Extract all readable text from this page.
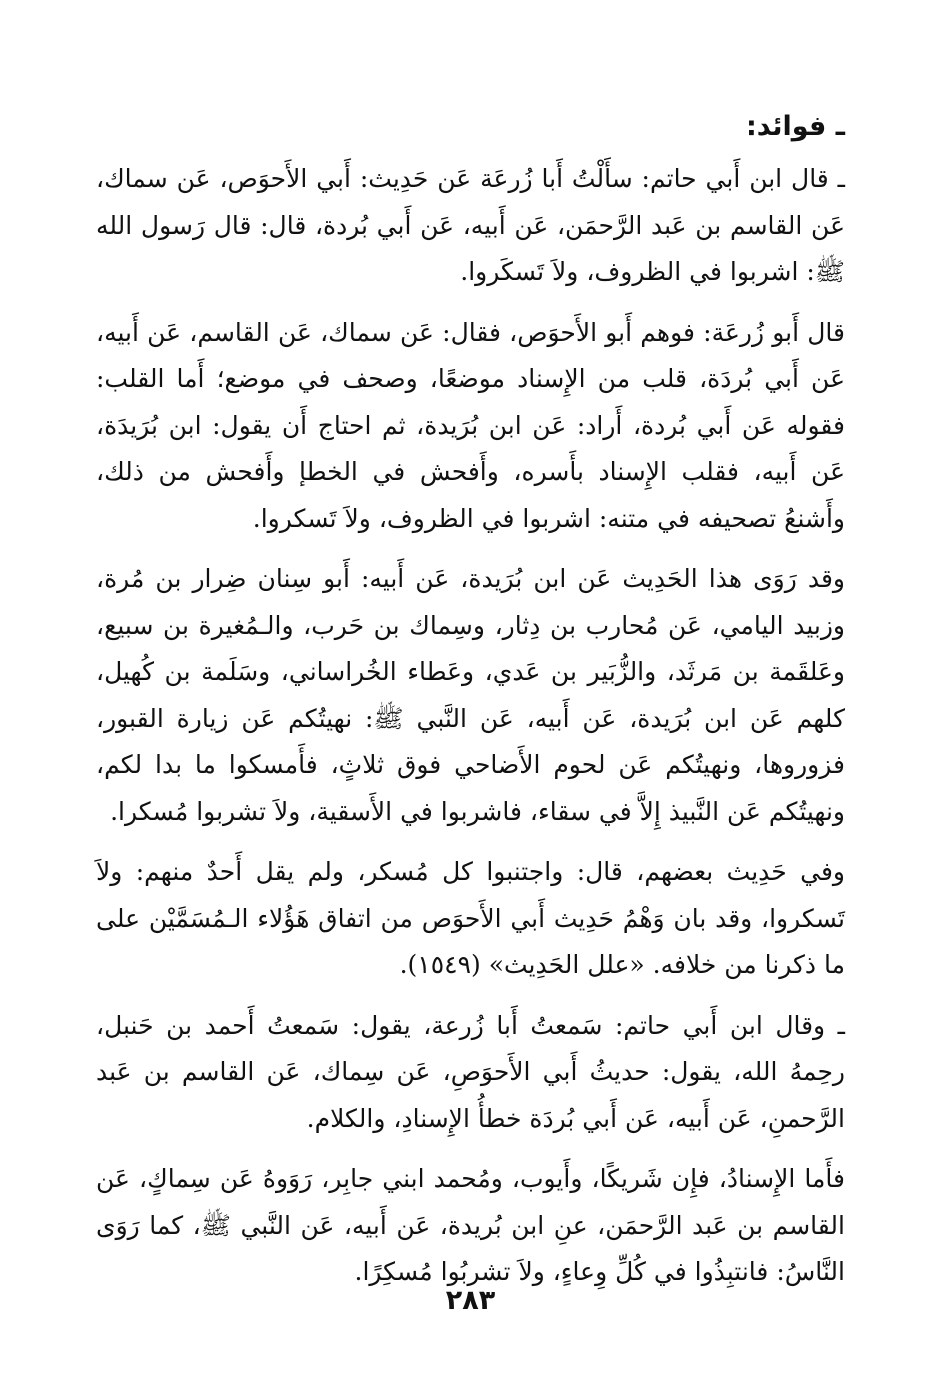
ـ فوائد:
ـ قال ابن أَبي حاتم: سأَلْتُ أَبا زُرعَة عَن حَدِيث: أَبي الأَحوَص، عَن سماك، عَن القاسم بن عَبد الرَّحمَن، عَن أَبيه، عَن أَبي بُردة، قال: قال رَسول الله ﷺ: اشربوا في الظروف، ولاَ تَسكَروا.
قال أَبو زُرعَة: فوهم أَبو الأَحوَص، فقال: عَن سماك، عَن القاسم، عَن أَبيه، عَن أَبي بُردَة، قلب من الإِسناد موضعًا، وصحف في موضع؛ أَما القلب: فقوله عَن أَبي بُردة، أَراد: عَن ابن بُرَيدة، ثم احتاج أَن يقول: ابن بُرَيدَة، عَن أَبيه، فقلب الإِسناد بأَسره، وأَفحش في الخطإ وأَفحش من ذلك، وأَشنعُ تصحيفه في متنه: اشربوا في الظروف، ولاَ تَسكروا.
وقد رَوَى هذا الحَدِيث عَن ابن بُرَيدة، عَن أَبيه: أَبو سِنان ضِرار بن مُرة، وزبيد اليامي، عَن مُحارب بن دِثار، وسِماك بن حَرب، والـمُغيرة بن سبيع، وعَلقَمة بن مَرثَد، والزُّبَير بن عَدي، وعَطاء الخُراساني، وسَلَمة بن كُهيل، كلهم عَن ابن بُرَيدة، عَن أَبيه، عَن النَّبي ﷺ: نهيتُكم عَن زيارة القبور، فزوروها، ونهيتُكم عَن لحوم الأَضاحي فوق ثلاثٍ، فأَمسكوا ما بدا لكم، ونهيتُكم عَن النَّبيذ إِلاَّ في سقاء، فاشربوا في الأَسقية، ولاَ تشربوا مُسكرا.
وفي حَدِيث بعضهم، قال: واجتنبوا كل مُسكر، ولم يقل أَحدٌ منهم: ولاَ تَسكروا، وقد بان وَهْمُ حَدِيث أَبي الأَحوَص من اتفاق هَؤُلاء الـمُسَمَّيْن على ما ذكرنا من خلافه. «علل الحَدِيث» (١٥٤٩).
ـ وقال ابن أَبي حاتم: سَمعتُ أَبا زُرعة، يقول: سَمعتُ أَحمد بن حَنبل، رحِمهُ الله، يقول: حديثُ أَبي الأَحوَصِ، عَن سِماك، عَن القاسم بن عَبد الرَّحمنِ، عَن أَبيه، عَن أَبي بُردَة خطأُ الإِسنادِ، والكلام.
فأَما الإِسنادُ، فإِن شَريكًا، وأَيوب، ومُحمد ابني جابِر، رَوَوهُ عَن سِماكٍ، عَن القاسم بن عَبد الرَّحمَن، عنِ ابن بُريدة، عَن أَبيه، عَن النَّبي ﷺ، كما رَوَى النَّاسُ: فانتبِذُوا في كُلِّ وِعاءٍ، ولاَ تشربُوا مُسكِرًا.
٢٨٣
